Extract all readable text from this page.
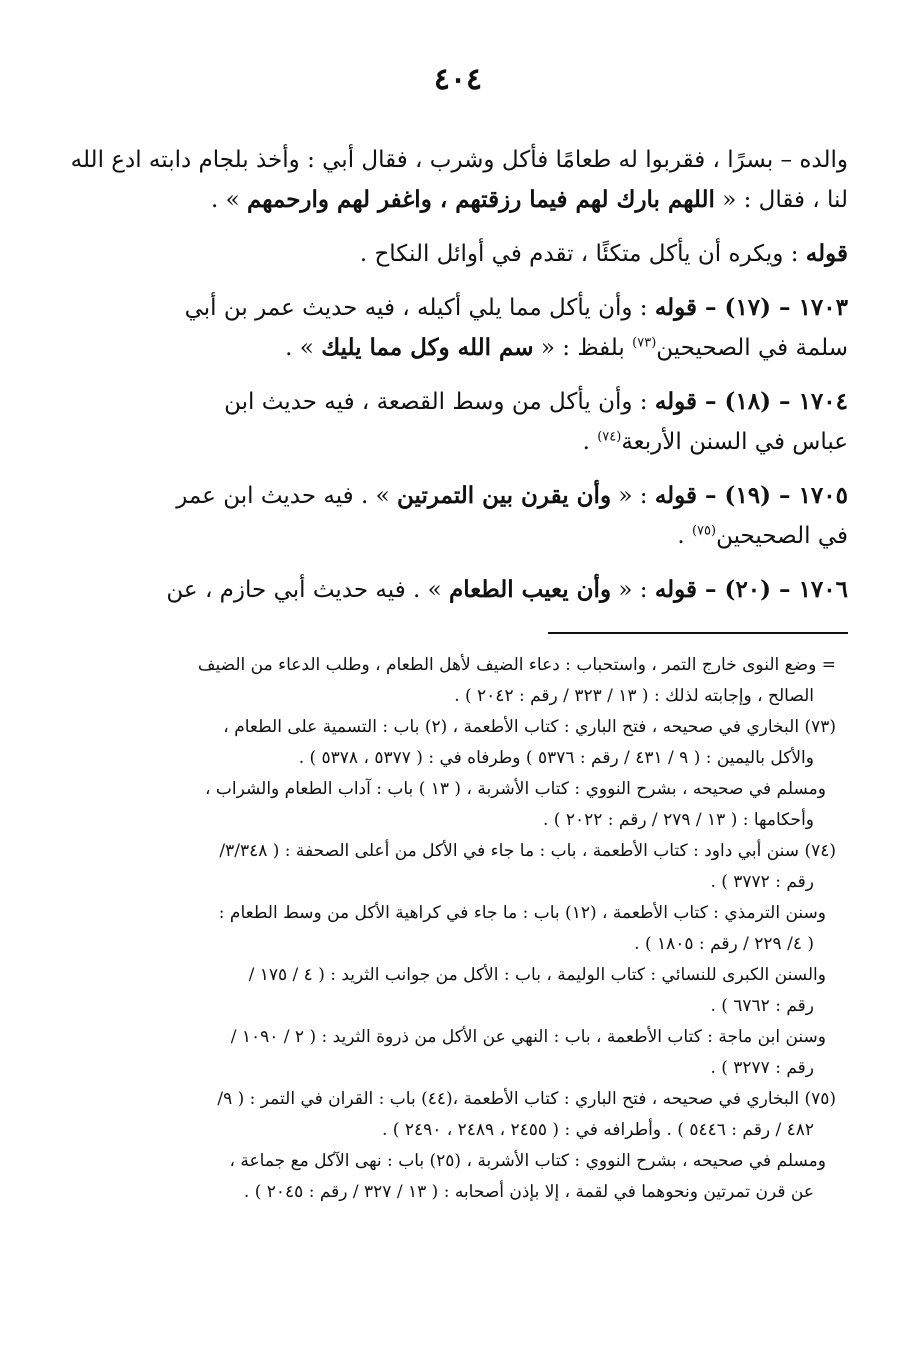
٤٠٤

والده – بسرًا ، فقربوا له طعامًا فأكل وشرب ، فقال أبي : وأخذ بلجام دابته ادع الله
لنا ، فقال : « اللهم بارك لهم فيما رزقتهم ، واغفر لهم وارحمهم » .

قوله : ويكره أن يأكل متكئًا ، تقدم في أوائل النكاح .

١٧٠٣ – (١٧) – قوله : وأن يأكل مما يلي أكيله ، فيه حديث عمر بن أبي
سلمة في الصحيحين$^{(٧٣)}$ بلفظ : « سم الله وكل مما يليك » .

١٧٠٤ – (١٨) – قوله : وأن يأكل من وسط القصعة ، فيه حديث ابن
عباس في السنن الأربعة$^{(٧٤)}$ .

١٧٠٥ – (١٩) – قوله : « وأن يقرن بين التمرتين » . فيه حديث ابن عمر
في الصحيحين$^{(٧٥)}$ .

١٧٠٦ – (٢٠) – قوله : « وأن يعيب الطعام » . فيه حديث أبي حازم ، عن

= وضع النوى خارج التمر ، واستحباب : دعاء الضيف لأهل الطعام ، وطلب الدعاء من الضيف
الصالح ، وإجابته لذلك : ( ١٣ / ٣٢٣ / رقم : ٢٠٤٢ ) .
(٧٣) البخاري في صحيحه ، فتح الباري : كتاب الأطعمة ، (٢) باب : التسمية على الطعام ،
والأكل باليمين : ( ٩ / ٤٣١ / رقم : ٥٣٧٦ ) وطرفاه في : ( ٥٣٧٧ ، ٥٣٧٨ ) .
ومسلم في صحيحه ، بشرح النووي : كتاب الأشربة ، ( ١٣ ) باب : آداب الطعام والشراب ،
وأحكامها : ( ١٣ / ٢٧٩ / رقم : ٢٠٢٢ ) .
(٧٤) سنن أبي داود : كتاب الأطعمة ، باب : ما جاء في الأكل من أعلى الصحفة : ( ٣/٣٤٨/
رقم : ٣٧٧٢ ) .
وسنن الترمذي : كتاب الأطعمة ، (١٢) باب : ما جاء في كراهية الأكل من وسط الطعام :
( ٤/ ٢٢٩ / رقم : ١٨٠٥ ) .
والسنن الكبرى للنسائي : كتاب الوليمة ، باب : الأكل من جوانب الثريد : ( ٤ / ١٧٥ /
رقم : ٦٧٦٢ ) .
وسنن ابن ماجة : كتاب الأطعمة ، باب : النهي عن الأكل من ذروة الثريد : ( ٢ / ١٠٩٠ /
رقم : ٣٢٧٧ ) .
(٧٥) البخاري في صحيحه ، فتح الباري : كتاب الأطعمة ،(٤٤) باب : القران في التمر : ( ٩/
٤٨٢ / رقم : ٥٤٤٦ ) . وأطرافه في : ( ٢٤٥٥ ، ٢٤٨٩ ، ٢٤٩٠ ) .
ومسلم في صحيحه ، بشرح النووي : كتاب الأشربة ، (٢٥) باب : نهى الآكل مع جماعة ،
عن قرن تمرتين ونحوهما في لقمة ، إلا بإذن أصحابه : ( ١٣ / ٣٢٧ / رقم : ٢٠٤٥ ) .
